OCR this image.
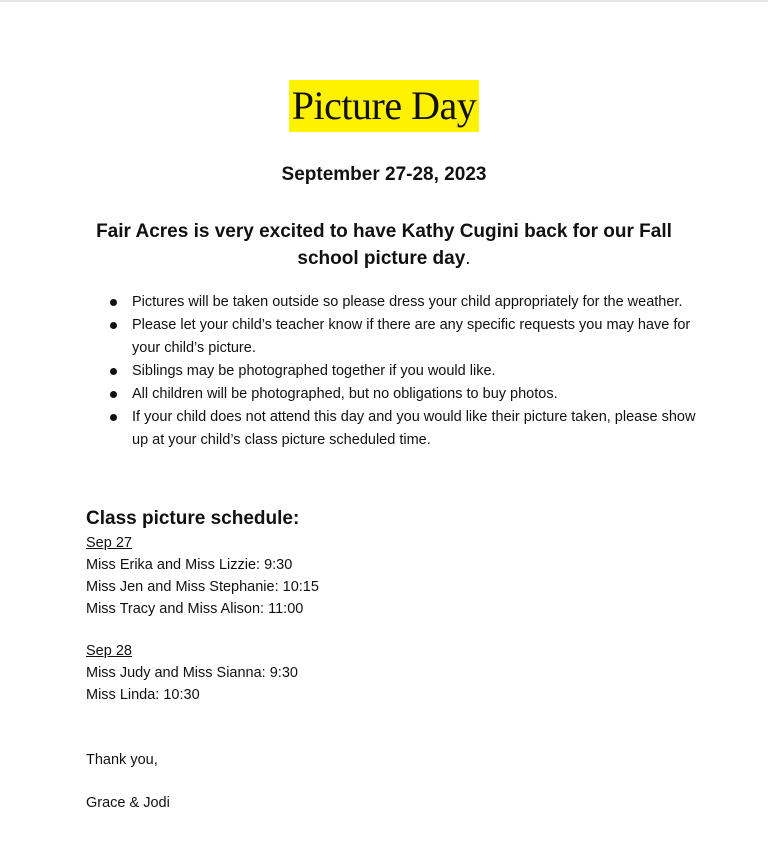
Picture Day
September 27-28, 2023
Fair Acres is very excited to have Kathy Cugini back for our Fall school picture day.
Pictures will be taken outside so please dress your child appropriately for the weather.
Please let your child’s teacher know if there are any specific requests you may have for your child’s picture.
Siblings may be photographed together if you would like.
All children will be photographed, but no obligations to buy photos.
If your child does not attend this day and you would like their picture taken, please show up at your child’s class picture scheduled time.
Class picture schedule:
Sep 27
Miss Erika and Miss Lizzie: 9:30
Miss Jen and Miss Stephanie: 10:15
Miss Tracy and Miss Alison: 11:00
Sep 28
Miss Judy and Miss Sianna: 9:30
Miss Linda: 10:30
Thank you,
Grace & Jodi
